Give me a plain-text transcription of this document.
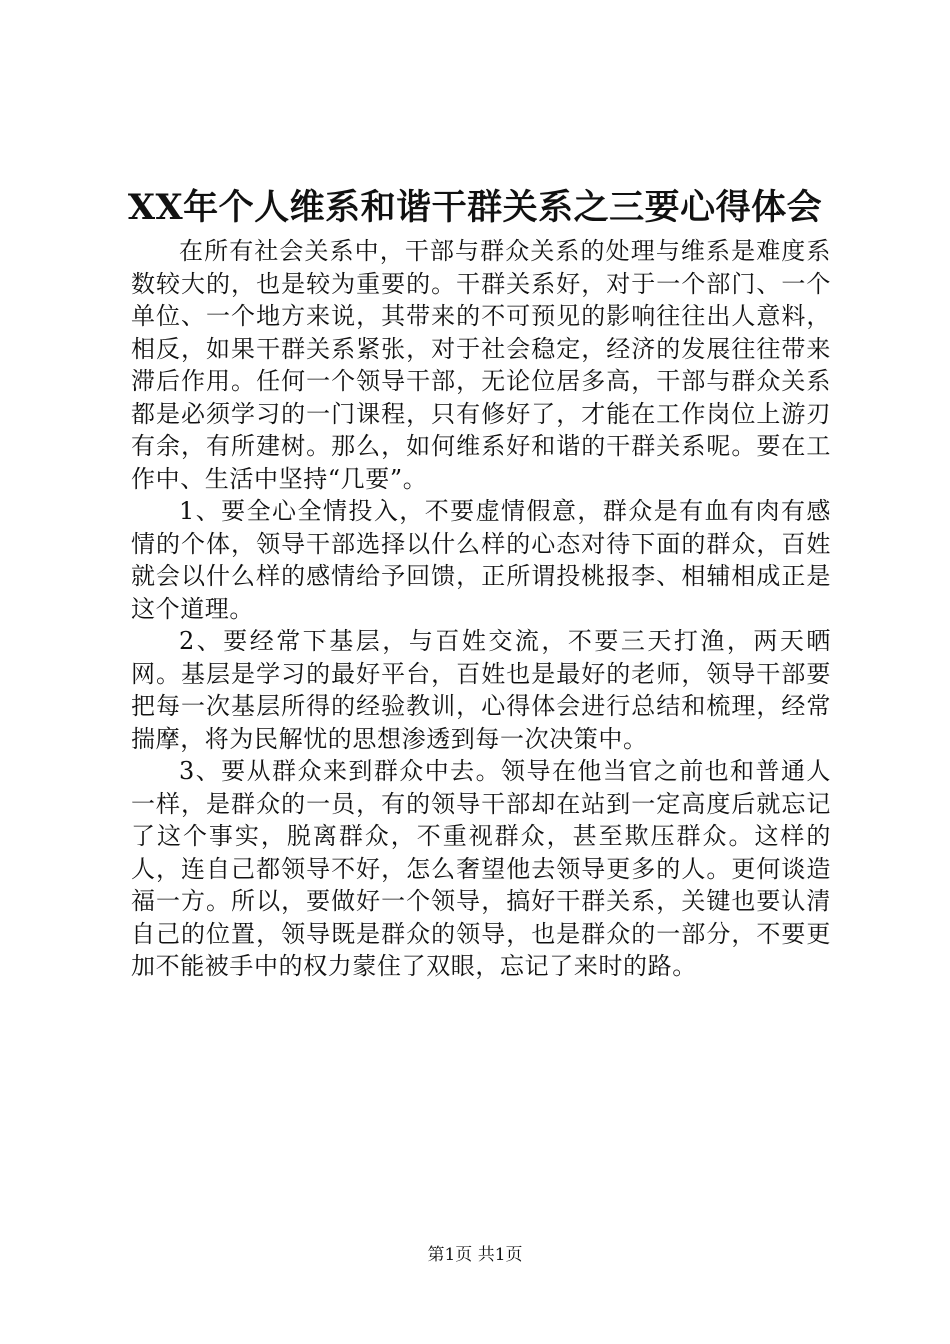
XX年个人维系和谐干群关系之三要心得体会

在所有社会关系中，干部与群众关系的处理与维系是难度系数较大的，也是较为重要的。干群关系好，对于一个部门、一个单位、一个地方来说，其带来的不可预见的影响往往出人意料，相反，如果干群关系紧张，对于社会稳定，经济的发展往往带来滞后作用。任何一个领导干部，无论位居多高，干部与群众关系都是必须学习的一门课程，只有修好了，才能在工作岗位上游刃有余，有所建树。那么，如何维系好和谐的干群关系呢。要在工作中、生活中坚持“几要”。

1、要全心全情投入，不要虚情假意，群众是有血有肉有感情的个体，领导干部选择以什么样的心态对待下面的群众，百姓就会以什么样的感情给予回馈，正所谓投桃报李、相辅相成正是这个道理。

2、要经常下基层，与百姓交流，不要三天打渔，两天晒网。基层是学习的最好平台，百姓也是最好的老师，领导干部要把每一次基层所得的经验教训，心得体会进行总结和梳理，经常揣摩，将为民解忧的思想渗透到每一次决策中。

3、要从群众来到群众中去。领导在他当官之前也和普通人一样，是群众的一员，有的领导干部却在站到一定高度后就忘记了这个事实，脱离群众，不重视群众，甚至欺压群众。这样的人，连自己都领导不好，怎么奢望他去领导更多的人。更何谈造福一方。所以，要做好一个领导，搞好干群关系，关键也要认清自己的位置，领导既是群众的领导，也是群众的一部分，不要更加不能被手中的权力蒙住了双眼，忘记了来时的路。

第1页 共1页
